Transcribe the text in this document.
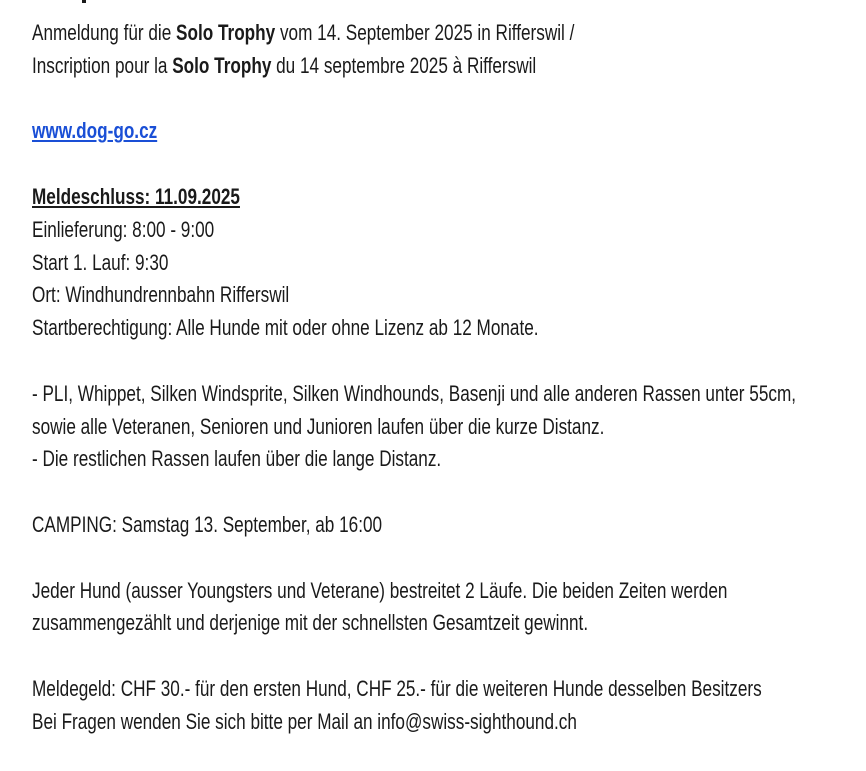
Anmeldung für die Solo Trophy vom 14. September 2025 in Rifferswil /
Inscription pour la Solo Trophy du 14 septembre 2025 à Rifferswil
www.dog-go.cz
Meldeschluss: 11.09.2025
Einlieferung: 8:00 - 9:00
Start 1. Lauf: 9:30
Ort: Windhundrennbahn Rifferswil
Startberechtigung: Alle Hunde mit oder ohne Lizenz ab 12 Monate.
- PLI, Whippet, Silken Windsprite, Silken Windhounds, Basenji und alle anderen Rassen unter 55cm,
sowie alle Veteranen, Senioren und Junioren laufen über die kurze Distanz.
- Die restlichen Rassen laufen über die lange Distanz.
CAMPING: Samstag 13. September, ab 16:00
Jeder Hund (ausser Youngsters und Veterane) bestreitet 2 Läufe. Die beiden Zeiten werden
zusammengezählt und derjenige mit der schnellsten Gesamtzeit gewinnt.
Meldegeld: CHF 30.- für den ersten Hund, CHF 25.- für die weiteren Hunde desselben Besitzers
Bei Fragen wenden Sie sich bitte per Mail an info@swiss-sighthound.ch
